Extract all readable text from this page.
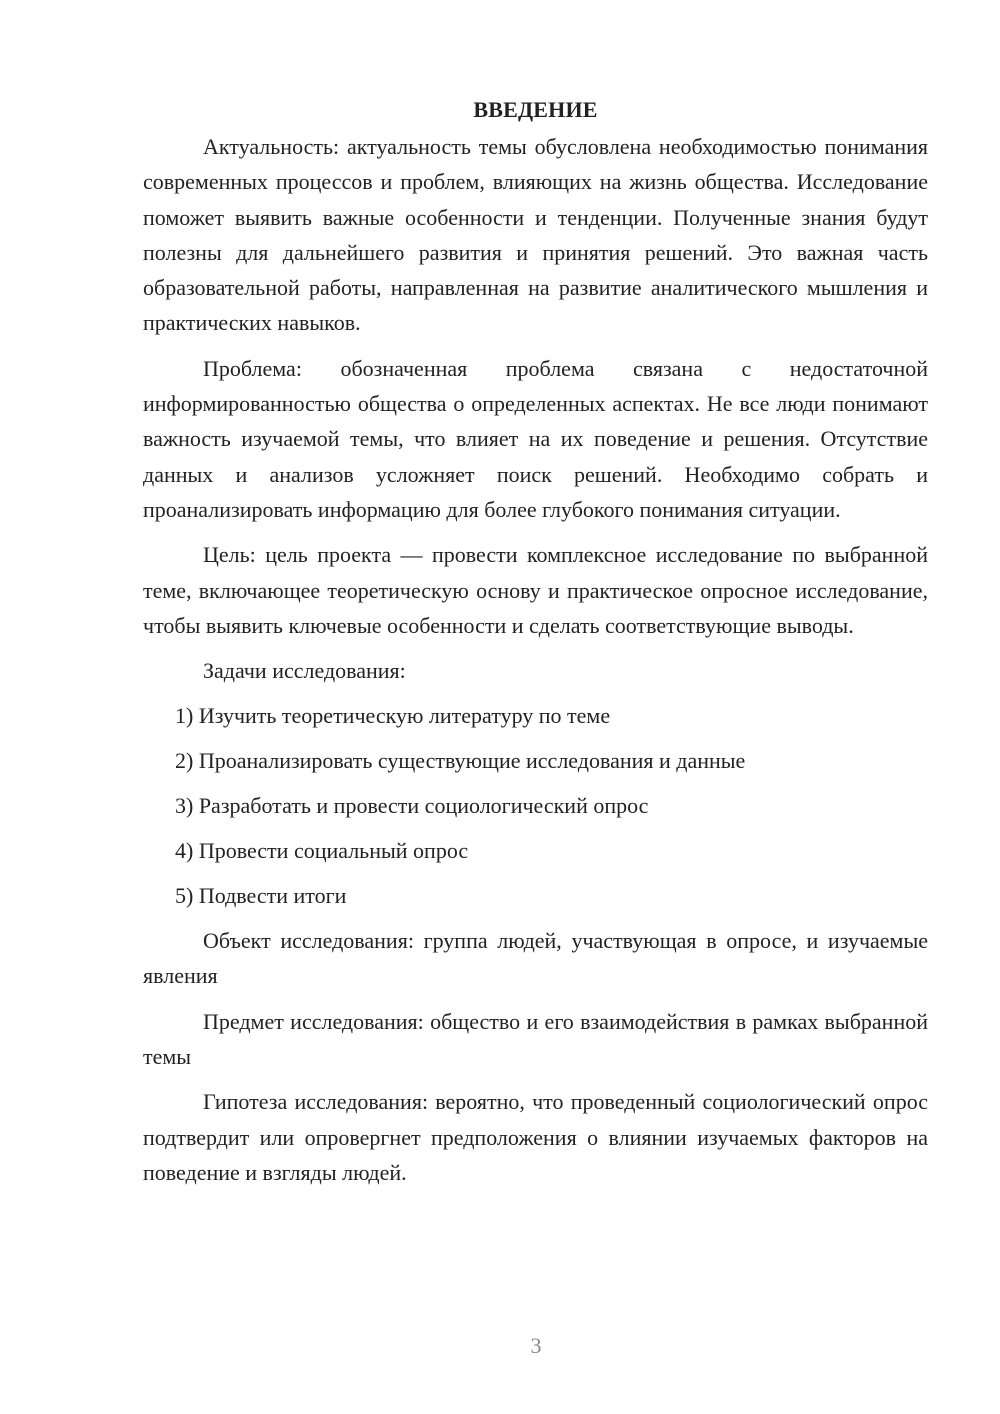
ВВЕДЕНИЕ

Актуальность: актуальность темы обусловлена необходимостью понимания современных процессов и проблем, влияющих на жизнь общества. Исследование поможет выявить важные особенности и тенденции. Полученные знания будут полезны для дальнейшего развития и принятия решений. Это важная часть образовательной работы, направленная на развитие аналитического мышления и практических навыков.

Проблема: обозначенная проблема связана с недостаточной информированностью общества о определенных аспектах. Не все люди понимают важность изучаемой темы, что влияет на их поведение и решения. Отсутствие данных и анализов усложняет поиск решений. Необходимо собрать и проанализировать информацию для более глубокого понимания ситуации.

Цель: цель проекта — провести комплексное исследование по выбранной теме, включающее теоретическую основу и практическое опросное исследование, чтобы выявить ключевые особенности и сделать соответствующие выводы.

Задачи исследования:
1) Изучить теоретическую литературу по теме
2) Проанализировать существующие исследования и данные
3) Разработать и провести социологический опрос
4) Провести социальный опрос
5) Подвести итоги

Объект исследования: группа людей, участвующая в опросе, и изучаемые явления

Предмет исследования: общество и его взаимодействия в рамках выбранной темы

Гипотеза исследования: вероятно, что проведенный социологический опрос подтвердит или опровергнет предположения о влиянии изучаемых факторов на поведение и взгляды людей.

3
